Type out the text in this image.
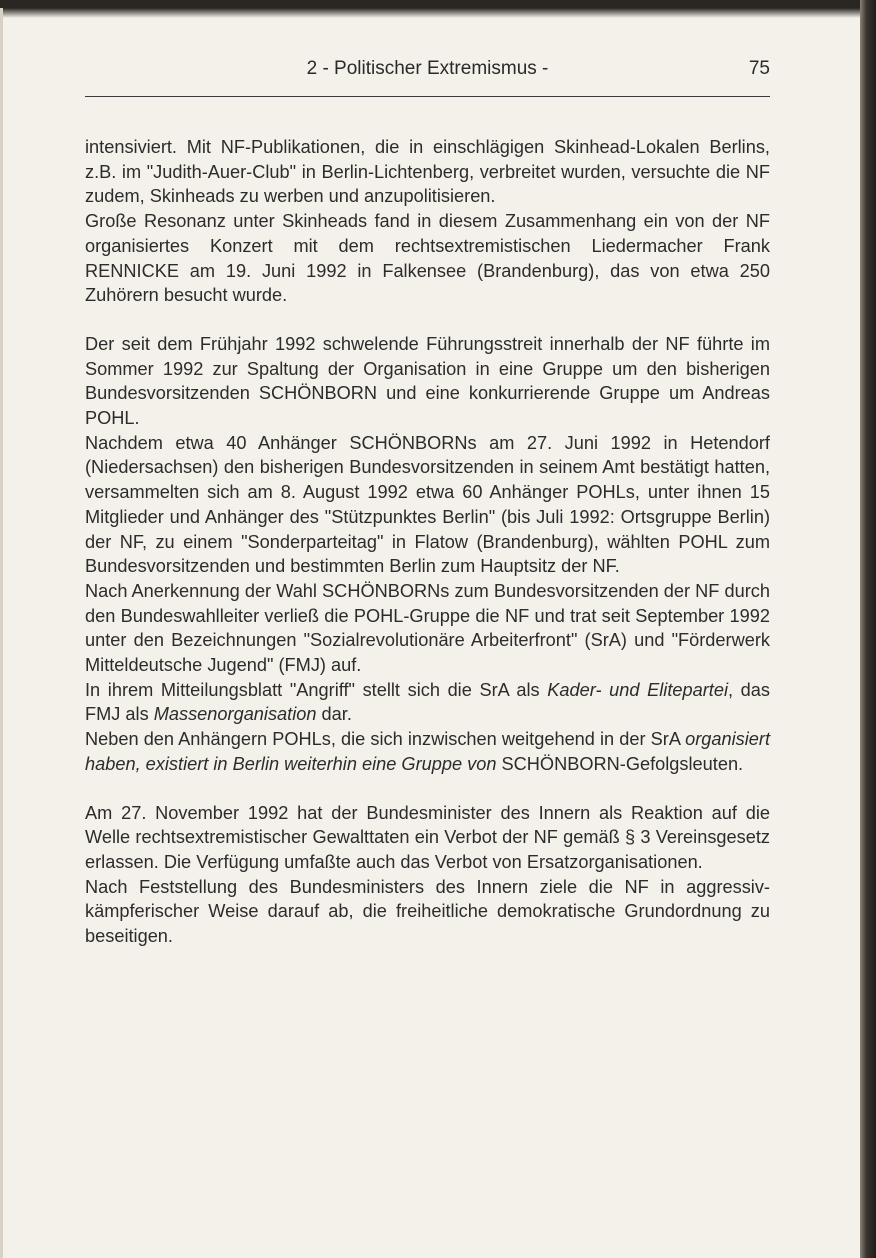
2 - Politischer Extremismus -	75

intensiviert. Mit NF-Publikationen, die in einschlägigen Skinhead-Lokalen Berlins, z.B. im "Judith-Auer-Club" in Berlin-Lichtenberg, verbreitet wurden, versuchte die NF zudem, Skinheads zu werben und anzupolitisieren.

Große Resonanz unter Skinheads fand in diesem Zusammenhang ein von der NF organisiertes Konzert mit dem rechtsextremistischen Liedermacher Frank RENNICKE am 19. Juni 1992 in Falkensee (Brandenburg), das von etwa 250 Zuhörern besucht wurde.

Der seit dem Frühjahr 1992 schwelende Führungsstreit innerhalb der NF führte im Sommer 1992 zur Spaltung der Organisation in eine Gruppe um den bisherigen Bundesvorsitzenden SCHÖNBORN und eine konkurrierende Gruppe um Andreas POHL.

Nachdem etwa 40 Anhänger SCHÖNBORNs am 27. Juni 1992 in Hetendorf (Niedersachsen) den bisherigen Bundesvorsitzenden in seinem Amt bestätigt hatten, versammelten sich am 8. August 1992 etwa 60 Anhänger POHLs, unter ihnen 15 Mitglieder und Anhänger des "Stützpunktes Berlin" (bis Juli 1992: Ortsgruppe Berlin) der NF, zu einem "Sonderparteitag" in Flatow (Brandenburg), wählten POHL zum Bundesvorsitzenden und bestimmten Berlin zum Hauptsitz der NF.

Nach Anerkennung der Wahl SCHÖNBORNs zum Bundesvorsitzenden der NF durch den Bundeswahlleiter verließ die POHL-Gruppe die NF und trat seit September 1992 unter den Bezeichnungen "Sozialrevolutionäre Arbeiterfront" (SrA) und "Förderwerk Mitteldeutsche Jugend" (FMJ) auf.

In ihrem Mitteilungsblatt "Angriff" stellt sich die SrA als Kader- und Elitepartei, das FMJ als Massenorganisation dar.

Neben den Anhängern POHLs, die sich inzwischen weitgehend in der SrA organisiert haben, existiert in Berlin weiterhin eine Gruppe von SCHÖNBORN-Gefolgsleuten.

Am 27. November 1992 hat der Bundesminister des Innern als Reaktion auf die Welle rechtsextremistischer Gewalttaten ein Verbot der NF gemäß § 3 Vereinsgesetz erlassen. Die Verfügung umfaßte auch das Verbot von Ersatzorganisationen.

Nach Feststellung des Bundesministers des Innern ziele die NF in aggressiv-kämpferischer Weise darauf ab, die freiheitliche demokratische Grundordnung zu beseitigen.
